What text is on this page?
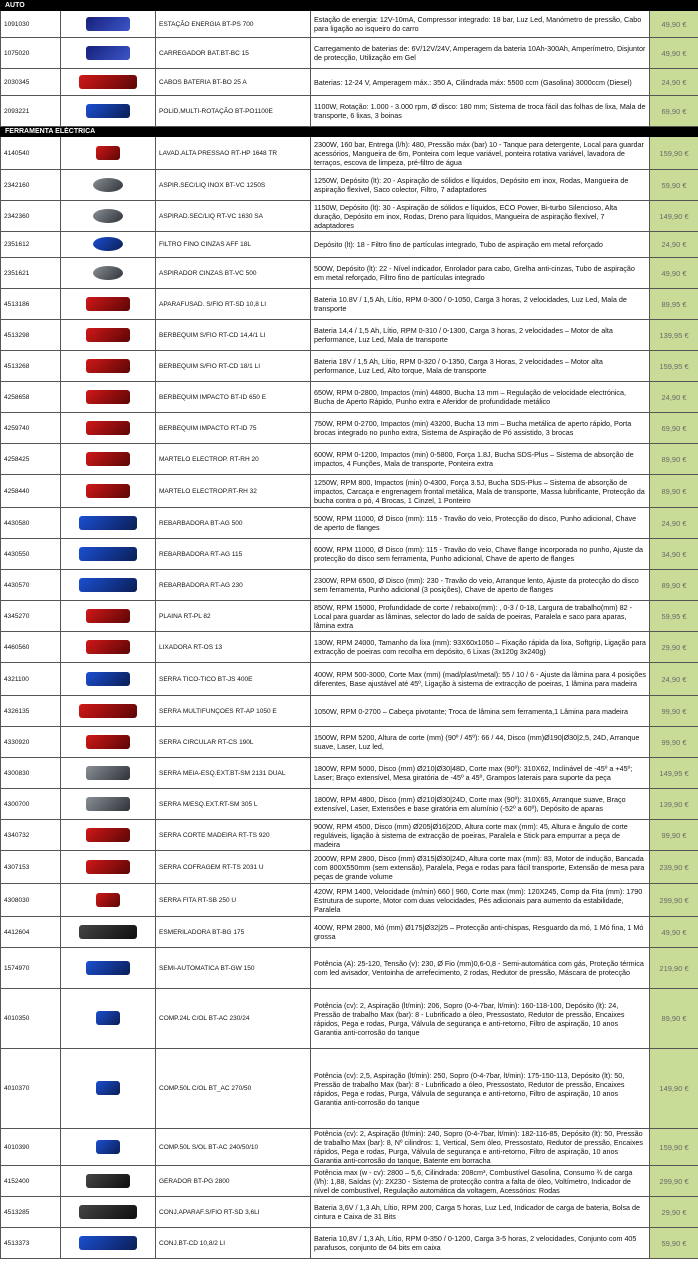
AUTO				
1091030		ESTAÇÃO ENERGIA BT-PS 700	Estação de energia: 12V-10mA, Compressor integrado: 18 bar, Luz Led, Manómetro de pressão, Cabo para ligação ao isqueiro do carro	49,90 €
1075020		CARREGADOR BAT.BT-BC 15	Carregamento de baterias de: 6V/12V/24V, Amperagem da bateria 10Ah-300Ah, Amperímetro, Disjuntor de protecção, Utilização em Gel	49,90 €
2030345		CABOS BATERIA BT-BO 25 A	Baterias: 12-24 V, Amperagem máx.: 350 A, Cilindrada máx: 5500 ccm (Gasolina) 3000ccm (Diesel)	24,90 €
2093221		POLID.MULTI-ROTAÇÃO BT-PO1100E	1100W, Rotação: 1.000 - 3.000 rpm, Ø disco: 180 mm; Sistema de troca fácil das folhas de lixa, Mala de transporte, 6 lixas, 3 boinas	69,90 €
FERRAMENTA ELÉCTRICA				
4140540		LAVAD.ALTA PRESSAO RT-HP 1648 TR	2300W, 160 bar, Entrega (l/h): 480, Pressão máx (bar) 10 - Tanque para detergente, Local para guardar acessórios, Mangueira de 6m, Ponteira com leque variável, ponteira rotativa variável, lavadora de terraços, escova de limpeza, pré-filtro de água	159,90 €
2342160		ASPIR.SEC/LIQ INOX BT-VC 1250S	1250W, Depósito (lt): 20 - Aspiração de sólidos e líquidos, Depósito em inox, Rodas, Mangueira de aspiração flexível, Saco colector, Filtro, 7 adaptadores	59,90 €
2342360		ASPIRAD.SEC/LIQ RT-VC 1630 SA	1150W, Depósito (lt): 30 - Aspiração de sólidos e líquidos, ECO Power, Bi-turbo Silencioso, Alta duração, Depósito em inox, Rodas, Dreno para líquidos, Mangueira de aspiração flexível, 7 adaptadores	149,90 €
2351612		FILTRO FINO CINZAS AFF 18L	Depósito (lt): 18 - Filtro fino de partículas integrado, Tubo de aspiração em metal reforçado	24,90 €
2351621		ASPIRADOR CINZAS BT-VC 500	500W, Depósito (lt): 22 - Nível indicador, Enrolador para cabo, Grelha anti-cinzas, Tubo de aspiração em metal reforçado, Filtro fino de partículas integrado	49,90 €
4513186		APARAFUSAD. S/FIO RT-SD 10,8 LI	Bateria 10.8V / 1,5 Ah, Lítio, RPM 0-300 / 0-1050, Carga 3 horas, 2 velocidades, Luz Led, Mala de transporte	89,95 €
4513298		BERBEQUIM S/FIO RT-CD 14,4/1 LI	Bateria 14,4 / 1,5 Ah, Lítio, RPM 0-310 / 0-1300, Carga 3 horas, 2 velocidades – Motor de alta performance, Luz Led, Mala de transporte	139,95 €
4513268		BERBEQUIM S/FIO RT-CD 18/1 LI	Bateria 18V / 1,5 Ah, Lítio, RPM 0-320 / 0-1350, Carga 3 Horas, 2 velocidades – Motor alta performance, Luz Led, Alto torque, Mala de transporte	159,95 €
4258658		BERBEQUIM IMPACTO BT-ID 650 E	650W, RPM 0-2800, Impactos (min) 44800, Bucha 13 mm – Regulação de velocidade electrónica, Bucha de Aperto Rápido, Punho extra e Aferidor de profundidade metálico	24,90 €
4259740		BERBEQUIM IMPACTO RT-ID 75	750W, RPM 0-2700, Impactos (min) 43200, Bucha 13 mm – Bucha metálica de aperto rápido, Porta brocas integrado no punho extra, Sistema de Aspiração de Pó assistido, 3 brocas	69,90 €
4258425		MARTELO ELECTROP. RT-RH 20	600W, RPM 0-1200, Impactos (min) 0-5800, Força 1.8J, Bucha SDS-Plus – Sistema de absorção de impactos, 4 Funções, Mala de transporte, Ponteira extra	89,90 €
4258440		MARTELO ELECTROP.RT-RH 32	1250W, RPM 800, Impactos (min) 0-4300, Força 3.5J, Bucha SDS-Plus – Sistema de absorção de impactos, Carcaça e engrenagem frontal metálica, Mala de transporte, Massa lubrificante, Protecção da bucha contra o pó, 4 Brocas, 1 Cinzel, 1 Ponteiro	89,90 €
4430580		REBARBADORA BT-AG 500	500W, RPM 11000, Ø Disco (mm): 115 - Travão do veio, Protecção do disco, Punho adicional, Chave de aperto de flanges	24,90 €
4430550		REBARBADORA RT-AG 115	600W, RPM 11000, Ø Disco (mm): 115 - Travão do veio, Chave flange incorporada no punho, Ajuste da protecção do disco sem ferramenta, Punho adicional, Chave de aperto de flanges	34,90 €
4430570		REBARBADORA RT-AG 230	2300W, RPM 6500, Ø Disco (mm): 230 - Travão do veio, Arranque lento, Ajuste da protecção do disco sem ferramenta, Punho adicional (3 posições), Chave de aperto de flanges	89,90 €
4345270		PLAINA RT-PL 82	850W, RPM 15000, Profundidade de corte / rebaixo(mm): , 0-3 / 0-18, Largura de trabalho(mm) 82 - Local para guardar as lâminas, selector do lado de saída de poeiras, Paralela e saco para aparas, lâmina extra	59,95 €
4460560		LIXADORA RT-OS 13	130W, RPM 24000, Tamanho da lixa (mm): 93X60x1050 – Fixação rápida da lixa, Softgrip, Ligação para extracção de poeiras com recolha em depósito, 6 Lixas (3x120g 3x240g)	29,90 €
4321100		SERRA TICO-TICO BT-JS 400E	400W, RPM 500-3000, Corte Max (mm) (mad/plast/metal): 55 / 10 / 6 - Ajuste da lâmina para 4 posições diferentes, Base ajustável até 45º, Ligação à sistema de extracção de poeiras, 1 lâmina para madeira	24,90 €
4326135		SERRA MULTIFUNÇOES RT-AP 1050 E	1050W, RPM 0-2700 – Cabeça pivotante; Troca de lâmina sem ferramenta,1 Lâmina para madeira	99,90 €
4330920		SERRA CIRCULAR RT-CS 190L	1500W, RPM 5200, Altura de corte (mm) (90º / 45º): 66 / 44, Disco (mm)Ø190|Ø30|2,5, 24D, Arranque suave, Laser, Luz led,	99,90 €
4300830		SERRA MEIA-ESQ.EXT.BT-SM 2131 DUAL	1800W, RPM 5000, Disco (mm) Ø210|Ø30|48D, Corte max (90º): 310X62, Inclinável de -45º a +45º; Laser; Braço extensível, Mesa giratória de -45º a 45º, Grampos laterais para suporte da peça	149,95 €
4300700		SERRA M/ESQ.EXT.RT-SM 305 L	1800W, RPM 4800, Disco (mm) Ø210|Ø30|24D, Corte max (90º): 310X65, Arranque suave, Braço extensível, Laser, Extensões e base giratória em alumínio (-52º a 60º), Depósito de aparas	139,90 €
4340732		SERRA CORTE MADEIRA RT-TS 920	900W, RPM 4500, Disco (mm) Ø205|Ø16|20D, Altura corte max (mm): 45, Altura e ângulo de corte reguláveis, ligação à sistema de extracção de poeiras, Paralela e Stick para empurrar a peça de madeira	99,90 €
4307153		SERRA COFRAGEM RT-TS 2031 U	2000W, RPM 2800, Disco (mm) Ø315|Ø30|24D, Altura corte max (mm): 83, Motor de indução, Bancada com 800X550mm (sem extensão), Paralela, Pega e rodas para fácil transporte, Extensão de mesa para peças de grande volume	239,90 €
4308030		SERRA FITA RT-SB 250 U	420W, RPM 1400, Velocidade (m/min) 660 | 960, Corte max (mm): 120X245, Comp da Fita (mm): 1790 Estrutura de suporte, Motor com duas velocidades, Pés adicionais para aumento da estabilidade, Paralela	299,90 €
4412604		ESMERILADORA BT-BG 175	400W, RPM 2800, Mó (mm) Ø175|Ø32|25 – Protecção anti-chispas, Resguardo da mó, 1 Mó fina, 1 Mó grossa	49,90 €
1574970		SEMI-AUTOMATICA BT-GW 150	Potência (A): 25-120, Tensão (v): 230, Ø Fio (mm)0,6-0,8 - Semi-automática com gás, Proteção térmica com led avisador, Ventoinha de arrefecimento, 2 rodas, Redutor de pressão, Máscara de protecção	219,90 €
4010350		COMP.24L C/OL BT-AC 230/24	Potência (cv): 2, Aspiração (lt/min): 206, Sopro (0-4-7bar, lt/min): 160-118-100, Depósito (lt): 24, Pressão de trabalho Max (bar): 8 - Lubrificado a óleo, Pressostato, Redutor de pressão, Encaixes rápidos, Pega e rodas, Purga, Válvula de segurança e anti-retorno, Filtro de aspiração, 10 anos Garantia anti-corrosão do tanque	89,90 €
4010370		COMP.50L C/OL BT_AC 270/50	Potência (cv): 2,5, Aspiração (lt/min): 250, Sopro (0-4-7bar, lt/min): 175-150-113, Depósito (lt): 50, Pressão de trabalho Max (bar): 8 - Lubrificado a óleo, Pressostato, Redutor de pressão, Encaixes rápidos, Pega e rodas, Purga, Válvula de segurança e anti-retorno, Filtro de aspiração, 10 anos Garantia anti-corrosão do tanque	149,90 €
4010390		COMP.50L S/OL BT-AC 240/50/10	Potência (cv): 2, Aspiração (lt/min): 240, Sopro (0-4-7bar, lt/min): 182-116-85, Depósito (lt): 50, Pressão de trabalho Max (bar): 8, Nº cilindros: 1, Vertical, Sem óleo, Pressostato, Redutor de pressão, Encaixes rápidos, Pega e rodas, Purga, Válvula de segurança e anti-retorno, Filtro de aspiração, 10 anos Garantia anti-corrosão do tanque, Batente em borracha	159,90 €
4152400		GERADOR BT-PG 2800	Potência max (w - cv): 2800 – 5,6, Cilindrada: 208cm³, Combustível Gasolina, Consumo ¾ de carga (l/h): 1,88, Saídas (v): 2X230 - Sistema de protecção contra a falta de óleo, Voltímetro, Indicador de nível de combustível, Regulação automática da voltagem, Acessórios: Rodas	299,90 €
4513285		CONJ.APARAF.S/FIO RT-SD 3,6LI	Bateria 3,6V / 1,3 Ah, Lítio, RPM 200, Carga 5 horas, Luz Led, Indicador de carga de bateria, Bolsa de cintura e Caixa de 31 Bits	29,90 €
4513373		CONJ.BT-CD 10,8/2 LI	Bateria 10,8V / 1,3 Ah, Lítio, RPM 0-350 / 0-1200, Carga 3-5 horas, 2 velocidades, Conjunto com 405 parafusos, conjunto de 64 bits em caixa	59,90 €
